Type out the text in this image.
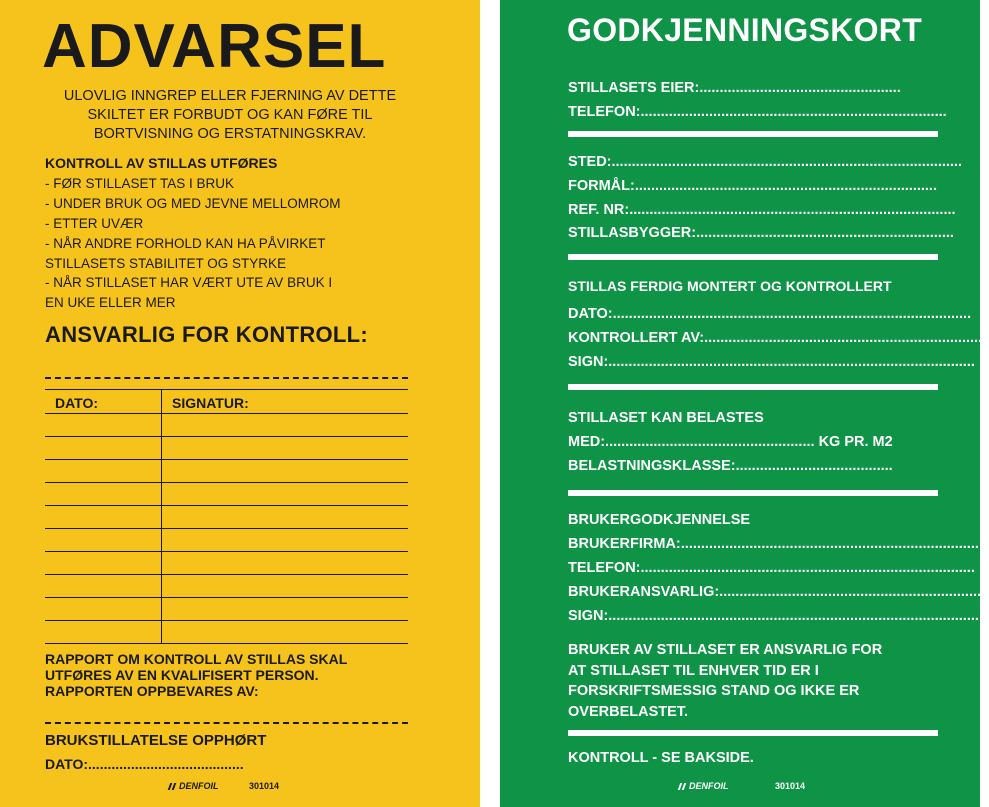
ADVARSEL
ULOVLIG INNGREP ELLER FJERNING AV DETTE
SKILTET ER FORBUDT OG KAN FØRE TIL
BORTVISNING OG ERSTATNINGSKRAV.
KONTROLL AV STILLAS UTFØRES
- FØR STILLASET TAS I BRUK
- UNDER BRUK OG MED JEVNE MELLOMROM
- ETTER UVÆR
- NÅR ANDRE FORHOLD KAN HA PÅVIRKET
STILLASETS STABILITET OG STYRKE
- NÅR STILLASET HAR VÆRT UTE AV BRUK I
EN UKE ELLER MER
ANSVARLIG FOR KONTROLL:
DATO:	SIGNATUR:
RAPPORT OM KONTROLL AV STILLAS SKAL
UTFØRES AV EN KVALIFISERT PERSON.
RAPPORTEN OPPBEVARES AV:
BRUKSTILLATELSE OPPHØRT
DATO:........................................
DENFOIL	301014
GODKJENNINGSKORT
STILLASETS EIER:..................................................
TELEFON:............................................................................
STED:.......................................................................................
FORMÅL:...........................................................................
REF. NR:.................................................................................
STILLASBYGGER:................................................................
STILLAS FERDIG MONTERT OG KONTROLLERT
DATO:.........................................................................................
KONTROLLERT AV:.....................................................................
SIGN:...........................................................................................
STILLASET KAN BELASTES
MED:.................................................... KG PR. M2
BELASTNINGSKLASSE:.......................................
BRUKERGODKJENNELSE
BRUKERFIRMA:..........................................................................
TELEFON:...................................................................................
BRUKERANSVARLIG:...................................................................
SIGN:............................................................................................
BRUKER AV STILLASET ER ANSVARLIG FOR
AT STILLASET TIL ENHVER TID ER I
FORSKRIFTSMESSIG STAND OG IKKE ER
OVERBELASTET.
KONTROLL - SE BAKSIDE.
DENFOIL	301014
